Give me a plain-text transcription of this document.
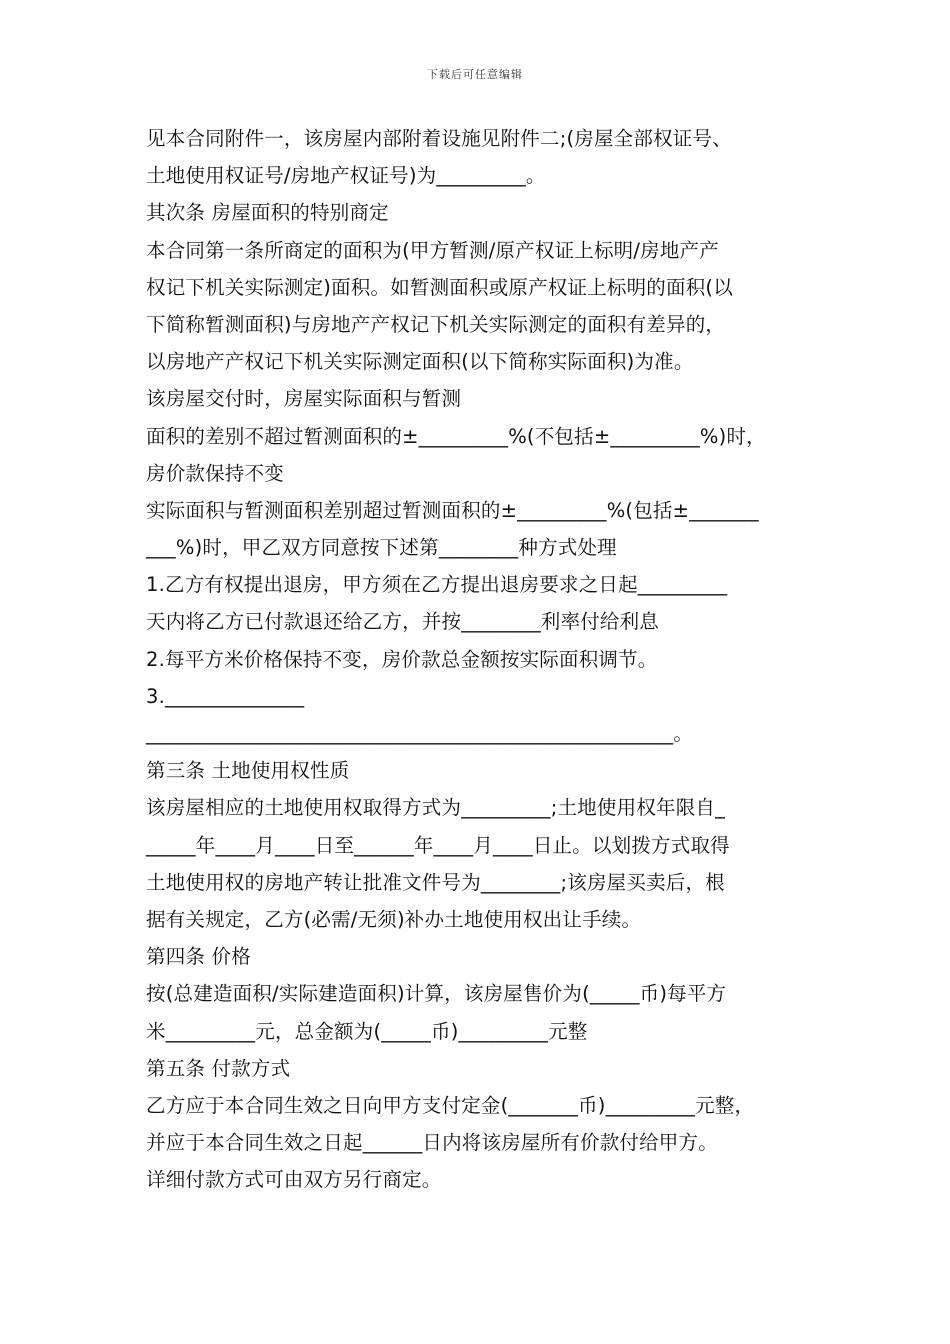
下载后可任意编辑
见本合同附件一，该房屋内部附着设施见附件二;(房屋全部权证号、
土地使用权证号/房地产权证号)为_________。
其次条 房屋面积的特别商定
本合同第一条所商定的面积为(甲方暂测/原产权证上标明/房地产产
权记下机关实际测定)面积。如暂测面积或原产权证上标明的面积(以
下简称暂测面积)与房地产产权记下机关实际测定的面积有差异的，
以房地产产权记下机关实际测定面积(以下简称实际面积)为准。
该房屋交付时，房屋实际面积与暂测
面积的差别不超过暂测面积的±_________%(不包括±_________%)时，
房价款保持不变
实际面积与暂测面积差别超过暂测面积的±_________%(包括±_______
___%)时，甲乙双方同意按下述第________种方式处理
1.乙方有权提出退房，甲方须在乙方提出退房要求之日起_________
天内将乙方已付款退还给乙方，并按________利率付给利息
2.每平方米价格保持不变，房价款总金额按实际面积调节。
3.______________
_____________________________________________________。
第三条 土地使用权性质
该房屋相应的土地使用权取得方式为_________;土地使用权年限自_
_____年____月____日至______年____月____日止。以划拨方式取得
土地使用权的房地产转让批准文件号为________;该房屋买卖后，根
据有关规定，乙方(必需/无须)补办土地使用权出让手续。
第四条 价格
按(总建造面积/实际建造面积)计算，该房屋售价为(_____币)每平方
米_________元，总金额为(_____币)_________元整
第五条 付款方式
乙方应于本合同生效之日向甲方支付定金(_______币)_________元整，
并应于本合同生效之日起______日内将该房屋所有价款付给甲方。
详细付款方式可由双方另行商定。
